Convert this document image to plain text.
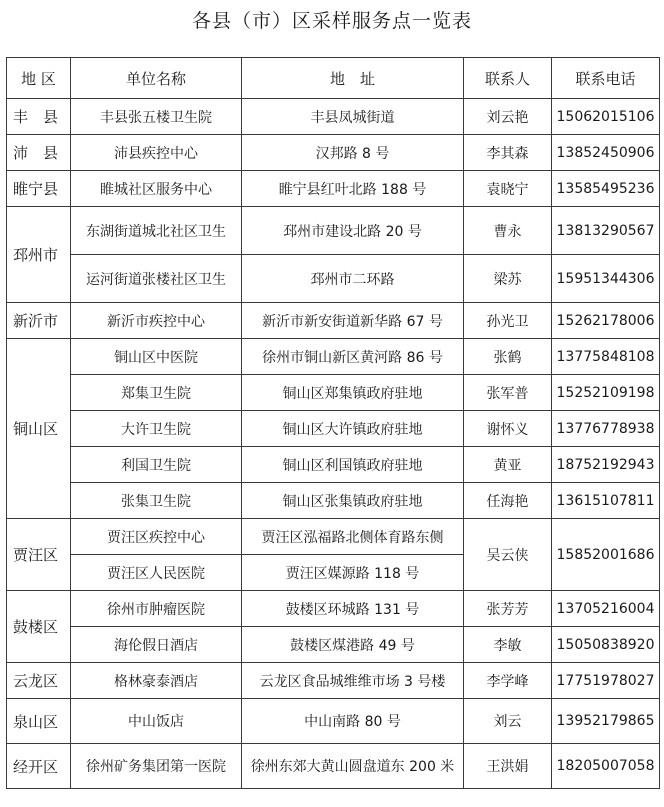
各县（市）区采样服务点一览表
地 区	单位名称	地　址	联系人	联系电话
丰　县	丰县张五楼卫生院	丰县凤城街道	刘云艳	15062015106
沛　县	沛县疾控中心	汉邦路 8 号	李其森	13852450906
睢宁县	睢城社区服务中心	睢宁县红叶北路 188 号	袁晓宁	13585495236
邳州市	东湖街道城北社区卫生	邳州市建设北路 20 号	曹永	13813290567
	运河街道张楼社区卫生	邳州市二环路	梁苏	15951344306
新沂市	新沂市疾控中心	新沂市新安街道新华路 67 号	孙光卫	15262178006
铜山区	铜山区中医院	徐州市铜山新区黄河路 86 号	张鹤	13775848108
	郑集卫生院	铜山区郑集镇政府驻地	张军普	15252109198
	大许卫生院	铜山区大许镇政府驻地	谢怀义	13776778938
	利国卫生院	铜山区利国镇政府驻地	黄亚	18752192943
	张集卫生院	铜山区张集镇政府驻地	任海艳	13615107811
贾汪区	贾汪区疾控中心	贾汪区泓福路北侧体育路东侧	吴云侠	15852001686
	贾汪区人民医院	贾汪区媒源路 118 号		
鼓楼区	徐州市肿瘤医院	鼓楼区环城路 131 号	张芳芳	13705216004
	海伦假日酒店	鼓楼区煤港路 49 号	李敏	15050838920
云龙区	格林豪泰酒店	云龙区食品城维维市场 3 号楼	李学峰	17751978027
泉山区	中山饭店	中山南路 80 号	刘云	13952179865
经开区	徐州矿务集团第一医院	徐州东郊大黄山圆盘道东 200 米	王洪娟	18205007058
